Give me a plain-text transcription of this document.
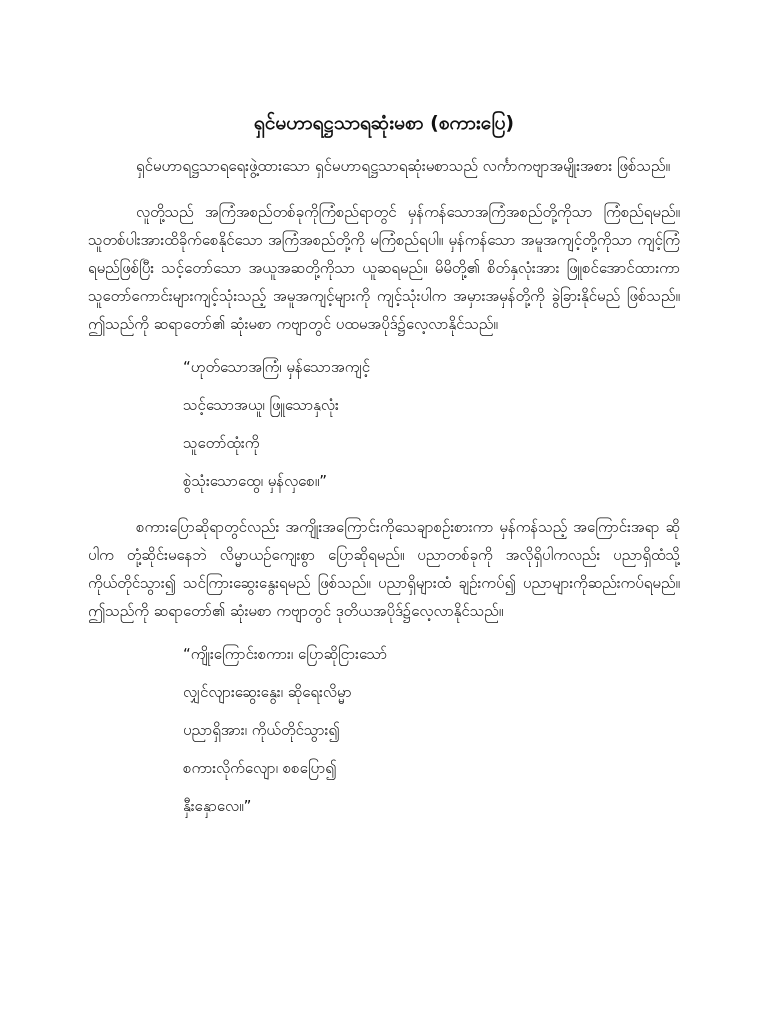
ရှင်မဟာရဋ္ဌသာရဆုံးမစာ (စကားပြေ)
ရှင်မဟာရဋ္ဌသာရရေးဖွဲ့ထားသော ရှင်မဟာရဋ္ဌသာရဆုံးမစာသည် လင်္ကာကဗျာအမျိုးအစား ဖြစ်သည်။
လူတို့သည် အကြံအစည်တစ်ခုကိုကြံစည်ရာတွင် မှန်ကန်သောအကြံအစည်တို့ကိုသာ ကြံစည်ရမည်။ သူတစ်ပါးအားထိခိုက်စေနိုင်သော အကြံအစည်တို့ကို မကြံစည်ရပါ။ မှန်ကန်သော အမူအကျင့်တို့ကိုသာ ကျင့်ကြံရမည်ဖြစ်ပြီး သင့်တော်သော အယူအဆတို့ကိုသာ ယူဆရမည်။ မိမိတို့၏ စိတ်နှလုံးအား ဖြူစင်အောင်ထားကာ သူတော်ကောင်းများကျင့်သုံးသည့် အမူအကျင့်များကို ကျင့်သုံးပါက အမှားအမှန်တို့ကို ခွဲခြားနိုင်မည် ဖြစ်သည်။ ဤသည်ကို ဆရာတော်၏ ဆုံးမစာ ကဗျာတွင် ပထမအပိုဒ်၌လေ့လာနိုင်သည်။
“ဟုတ်သောအကြံ၊ မှန်သောအကျင့်
သင့်သောအယူ၊ ဖြူသောနှလုံး
သူတော်ထုံးကို
စွဲသုံးသောထွေ၊ မှန်လှစေ။”
စကားပြောဆိုရာတွင်လည်း အကျိုးအကြောင်းကိုသေချာစဉ်းစားကာ မှန်ကန်သည့် အကြောင်းအရာ ဆိုပါက တုံ့ဆိုင်းမနေဘဲ လိမ္မာယဉ်ကျေးစွာ ပြောဆိုရမည်။ ပညာတစ်ခုကို အလိုရှိပါကလည်း ပညာရှိထံသို့ ကိုယ်တိုင်သွား၍ သင်ကြားဆွေးနွေးရမည် ဖြစ်သည်။ ပညာရှိများထံ ချဉ်းကပ်၍ ပညာများကိုဆည်းကပ်ရမည်။ ဤသည်ကို ဆရာတော်၏ ဆုံးမစာ ကဗျာတွင် ဒုတိယအပိုဒ်၌လေ့လာနိုင်သည်။
“ကျိုးကြောင်းစကား၊ ပြောဆိုငြားသော်
လျှင်လျားဆွေးနွေး၊ ဆိုရေးလိမ္မာ
ပညာရှိအား၊ ကိုယ်တိုင်သွား၍
စကားလိုက်လျော၊ စစပြော၍
နှီးနှောလေ။”
